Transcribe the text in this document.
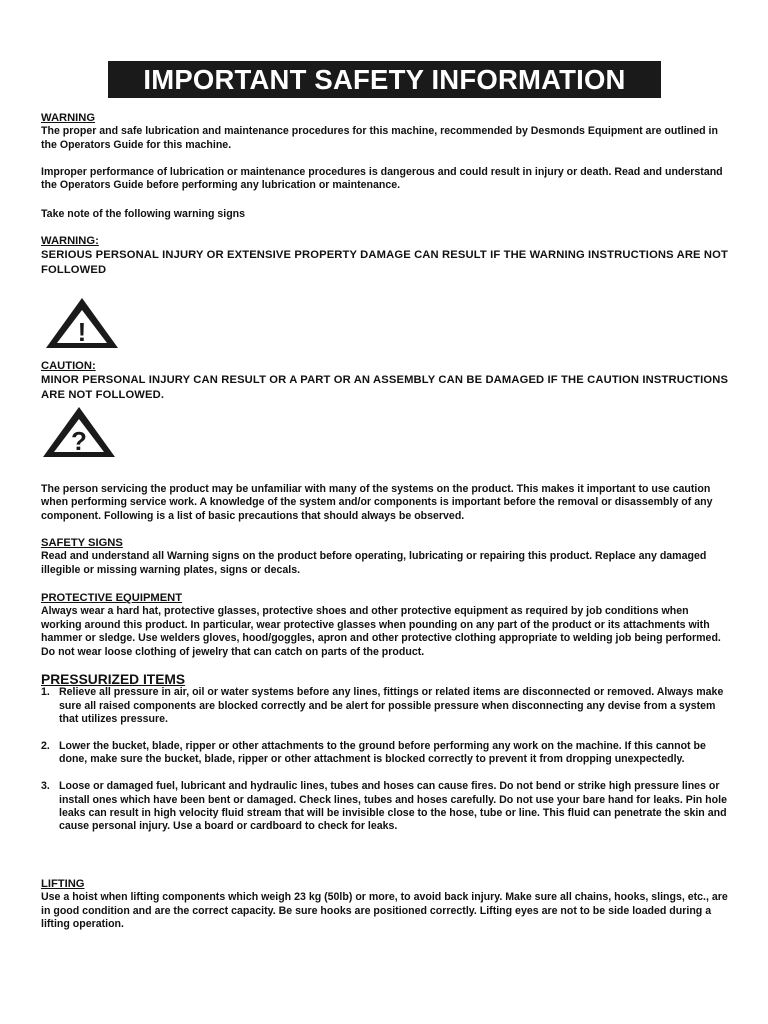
IMPORTANT SAFETY INFORMATION
WARNING
The proper and safe lubrication and maintenance procedures for this machine, recommended by Desmonds Equipment are outlined in the Operators Guide for this machine.
Improper performance of lubrication or maintenance procedures is dangerous and could result in injury or death. Read and understand the Operators Guide before performing any lubrication or maintenance.
Take note of the following warning signs
WARNING:
SERIOUS PERSONAL INJURY OR EXTENSIVE PROPERTY DAMAGE CAN RESULT IF THE WARNING INSTRUCTIONS ARE NOT FOLLOWED
!
CAUTION:
MINOR PERSONAL INJURY CAN RESULT OR A PART OR AN ASSEMBLY CAN BE DAMAGED IF THE CAUTION INSTRUCTIONS ARE NOT FOLLOWED.
?
The person servicing the product may be unfamiliar with many of the systems on the product. This makes it important to use caution when performing service work. A knowledge of the system and/or components is important before the removal or disassembly of any component. Following is a list of basic precautions that should always be observed.
SAFETY SIGNS
Read and understand all Warning signs on the product before operating, lubricating or repairing this product. Replace any damaged illegible or missing warning plates, signs or decals.
PROTECTIVE EQUIPMENT
Always wear a hard hat, protective glasses, protective shoes and other protective equipment as required by job conditions when working around this product. In particular, wear protective glasses when pounding on any part of the product or its attachments with hammer or sledge. Use welders gloves, hood/goggles, apron and other protective clothing appropriate to welding job being performed. Do not wear loose clothing of jewelry that can catch on parts of the product.
PRESSURIZED ITEMS
1. Relieve all pressure in air, oil or water systems before any lines, fittings or related items are disconnected or removed. Always make sure all raised components are blocked correctly and be alert for possible pressure when disconnecting any devise from a system that utilizes pressure.
2. Lower the bucket, blade, ripper or other attachments to the ground before performing any work on the machine. If this cannot be done, make sure the bucket, blade, ripper or other attachment is blocked correctly to prevent it from dropping unexpectedly.
3. Loose or damaged fuel, lubricant and hydraulic lines, tubes and hoses can cause fires. Do not bend or strike high pressure lines or install ones which have been bent or damaged. Check lines, tubes and hoses carefully. Do not use your bare hand for leaks. Pin hole leaks can result in high velocity fluid stream that will be invisible close to the hose, tube or line. This fluid can penetrate the skin and cause personal injury. Use a board or cardboard to check for leaks.
LIFTING
Use a hoist when lifting components which weigh 23 kg (50lb) or more, to avoid back injury. Make sure all chains, hooks, slings, etc., are in good condition and are the correct capacity. Be sure hooks are positioned correctly. Lifting eyes are not to be side loaded during a lifting operation.
